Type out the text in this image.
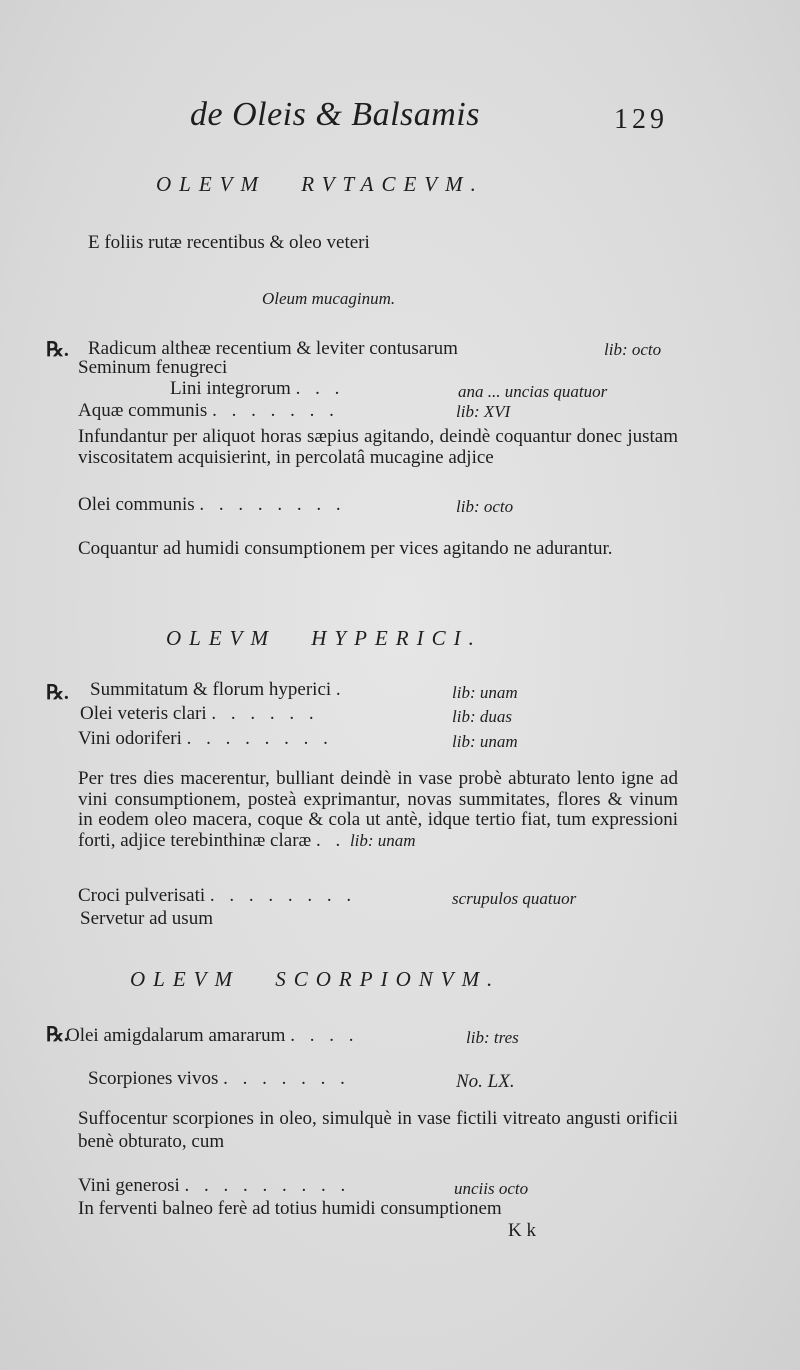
de Oleis & Balsamis	129
OLEVM RVTACEVM.
E foliis rutæ recentibus & oleo veteri
Oleum mucaginum.
℞. Radicum altheæ recentium & leviter contusarum	lib: octo
Seminum fenugreci
Lini integrorum . . .	ana ... uncias quatuor
Aquæ communis . . . . . . .	lib: XVI
Infundantur per aliquot horas sæpius agitando, deindè coquantur donec justam viscositatem acquisierint, in percolatâ mucagine adjice
Olei communis . . . . . . . .	lib: octo
Coquantur ad humidi consumptionem per vices agitando ne adurantur.
OLEVM HYPERICI.
℞. Summitatum & florum hyperici .	lib: unam
Olei veteris clari . . . . . .	lib: duas
Vini odoriferi . . . . . . . .	lib: unam
Per tres dies macerentur, bulliant deindè in vase probè abturato lento igne ad vini consumptionem, posteà exprimantur, novas summitates, flores & vinum in eodem oleo macera, coque & cola ut antè, idque tertio fiat, tum expressioni forti, adjice terebinthinæ claræ . . lib: unam
Croci pulverisati . . . . . . . .	scrupulos quatuor
Servetur ad usum
OLEVM SCORPIONVM.
℞.
Olei amigdalarum amararum . . . .	lib: tres
Scorpiones vivos . . . . . . .	No. LX.
Suffocentur scorpiones in oleo, simulquè in vase fictili vitreato angusti orificii benè obturato, cum
Vini generosi . . . . . . . . .	unciis octo
In ferventi balneo ferè ad totius humidi consumptionem
K k
